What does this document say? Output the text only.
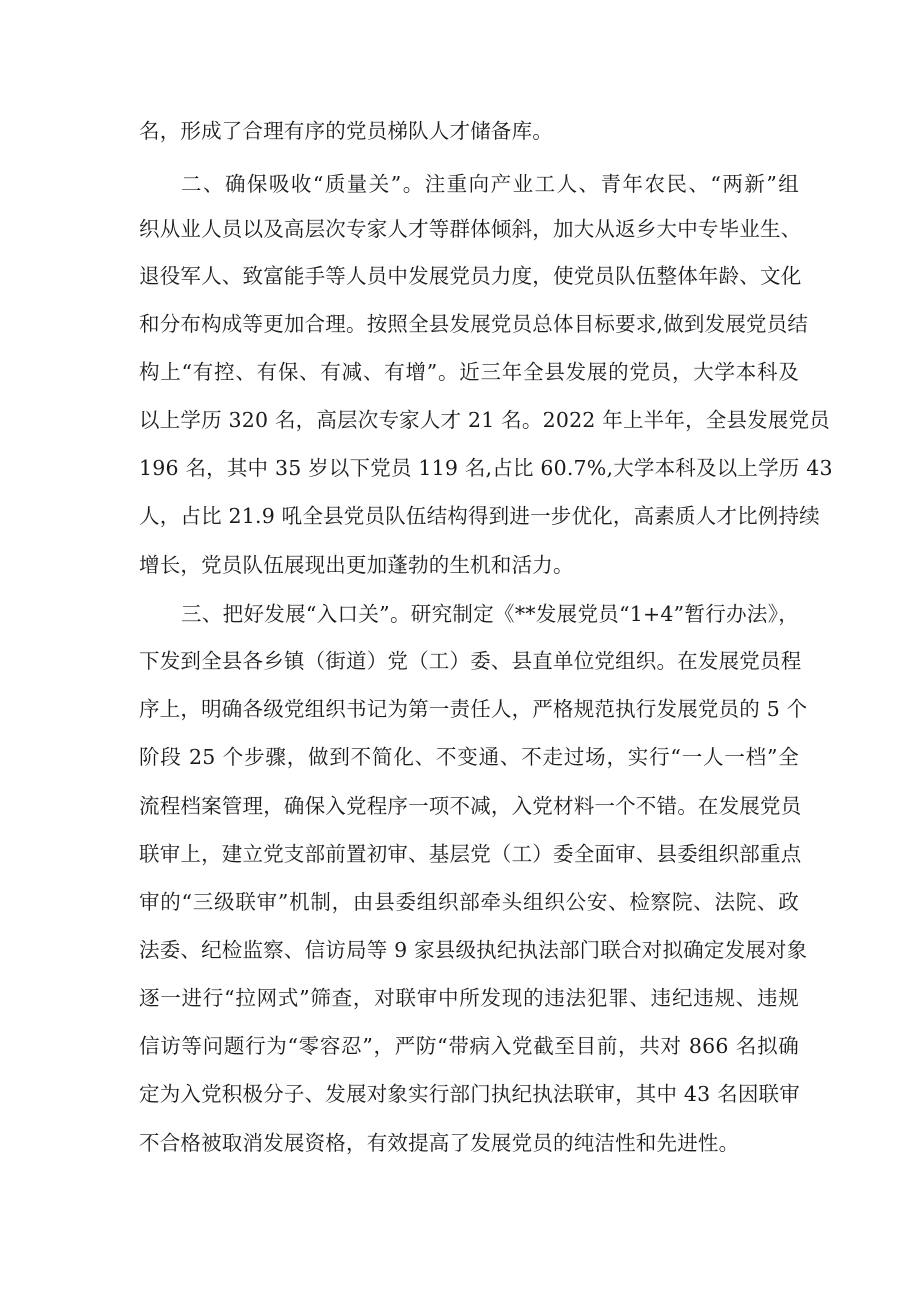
名，形成了合理有序的党员梯队人才储备库。

二、确保吸收“质量关”。注重向产业工人、青年农民、“两新”组

织从业人员以及高层次专家人才等群体倾斜，加大从返乡大中专毕业生、

退役军人、致富能手等人员中发展党员力度，使党员队伍整体年龄、文化

和分布构成等更加合理。按照全县发展党员总体目标要求,做到发展党员结

构上“有控、有保、有减、有增”。近三年全县发展的党员，大学本科及

以上学历 320 名，高层次专家人才 21 名。2022 年上半年，全县发展党员

196 名，其中 35 岁以下党员 119 名,占比 60.7%,大学本科及以上学历 43

人，占比 21.9 吼全县党员队伍结构得到进一步优化，高素质人才比例持续

增长，党员队伍展现出更加蓬勃的生机和活力。

三、把好发展“入口关”。研究制定《**发展党员“1+4”暂行办法》，

下发到全县各乡镇（街道）党（工）委、县直单位党组织。在发展党员程

序上，明确各级党组织书记为第一责任人，严格规范执行发展党员的 5 个

阶段 25 个步骤，做到不简化、不变通、不走过场，实行“一人一档”全

流程档案管理，确保入党程序一项不减，入党材料一个不错。在发展党员

联审上，建立党支部前置初审、基层党（工）委全面审、县委组织部重点

审的“三级联审”机制，由县委组织部牵头组织公安、检察院、法院、政

法委、纪检监察、信访局等 9 家县级执纪执法部门联合对拟确定发展对象

逐一进行“拉网式”筛查，对联审中所发现的违法犯罪、违纪违规、违规

信访等问题行为“零容忍”，严防“带病入党截至目前，共对 866 名拟确

定为入党积极分子、发展对象实行部门执纪执法联审，其中 43 名因联审

不合格被取消发展资格，有效提高了发展党员的纯洁性和先进性。
